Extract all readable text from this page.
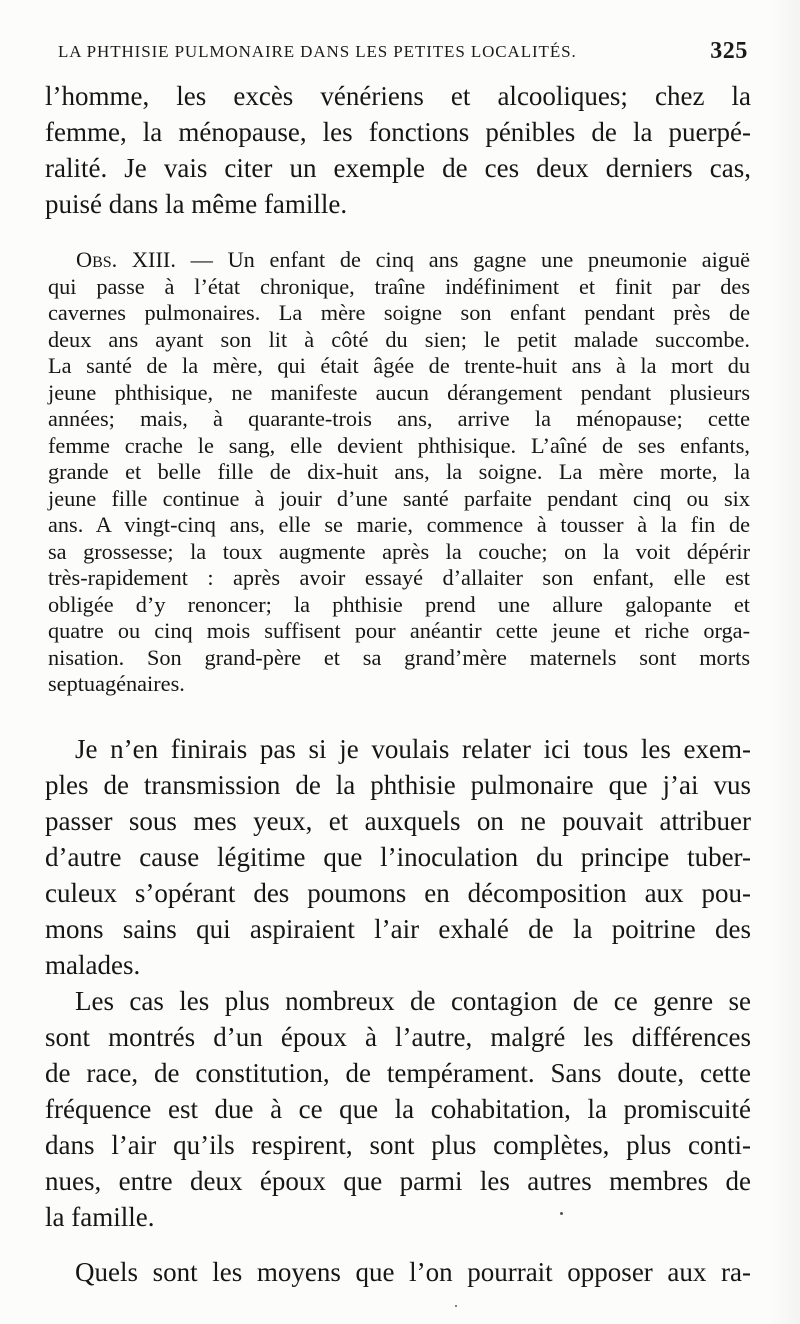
LA PHTHISIE PULMONAIRE DANS LES PETITES LOCALITÉS.	325
l’homme, les excès vénériens et alcooliques; chez la
femme, la ménopause, les fonctions pénibles de la puerpé-
ralité. Je vais citer un exemple de ces deux derniers cas,
puisé dans la même famille.
Obs. XIII. — Un enfant de cinq ans gagne une pneumonie aiguë
qui passe à l’état chronique, traîne indéfiniment et finit par des
cavernes pulmonaires. La mère soigne son enfant pendant près de
deux ans ayant son lit à côté du sien; le petit malade succombe.
La santé de la mère, qui était âgée de trente-huit ans à la mort du
jeune phthisique, ne manifeste aucun dérangement pendant plusieurs
années; mais, à quarante-trois ans, arrive la ménopause; cette
femme crache le sang, elle devient phthisique. L’aîné de ses enfants,
grande et belle fille de dix-huit ans, la soigne. La mère morte, la
jeune fille continue à jouir d’une santé parfaite pendant cinq ou six
ans. A vingt-cinq ans, elle se marie, commence à tousser à la fin de
sa grossesse; la toux augmente après la couche; on la voit dépérir
très-rapidement : après avoir essayé d’allaiter son enfant, elle est
obligée d’y renoncer; la phthisie prend une allure galopante et
quatre ou cinq mois suffisent pour anéantir cette jeune et riche orga-
nisation. Son grand-père et sa grand’mère maternels sont morts
septuagénaires.
Je n’en finirais pas si je voulais relater ici tous les exem-
ples de transmission de la phthisie pulmonaire que j’ai vus
passer sous mes yeux, et auxquels on ne pouvait attribuer
d’autre cause légitime que l’inoculation du principe tuber-
culeux s’opérant des poumons en décomposition aux pou-
mons sains qui aspiraient l’air exhalé de la poitrine des
malades.
Les cas les plus nombreux de contagion de ce genre se
sont montrés d’un époux à l’autre, malgré les différences
de race, de constitution, de tempérament. Sans doute, cette
fréquence est due à ce que la cohabitation, la promiscuité
dans l’air qu’ils respirent, sont plus complètes, plus conti-
nues, entre deux époux que parmi les autres membres de
la famille.
Quels sont les moyens que l’on pourrait opposer aux ra-
